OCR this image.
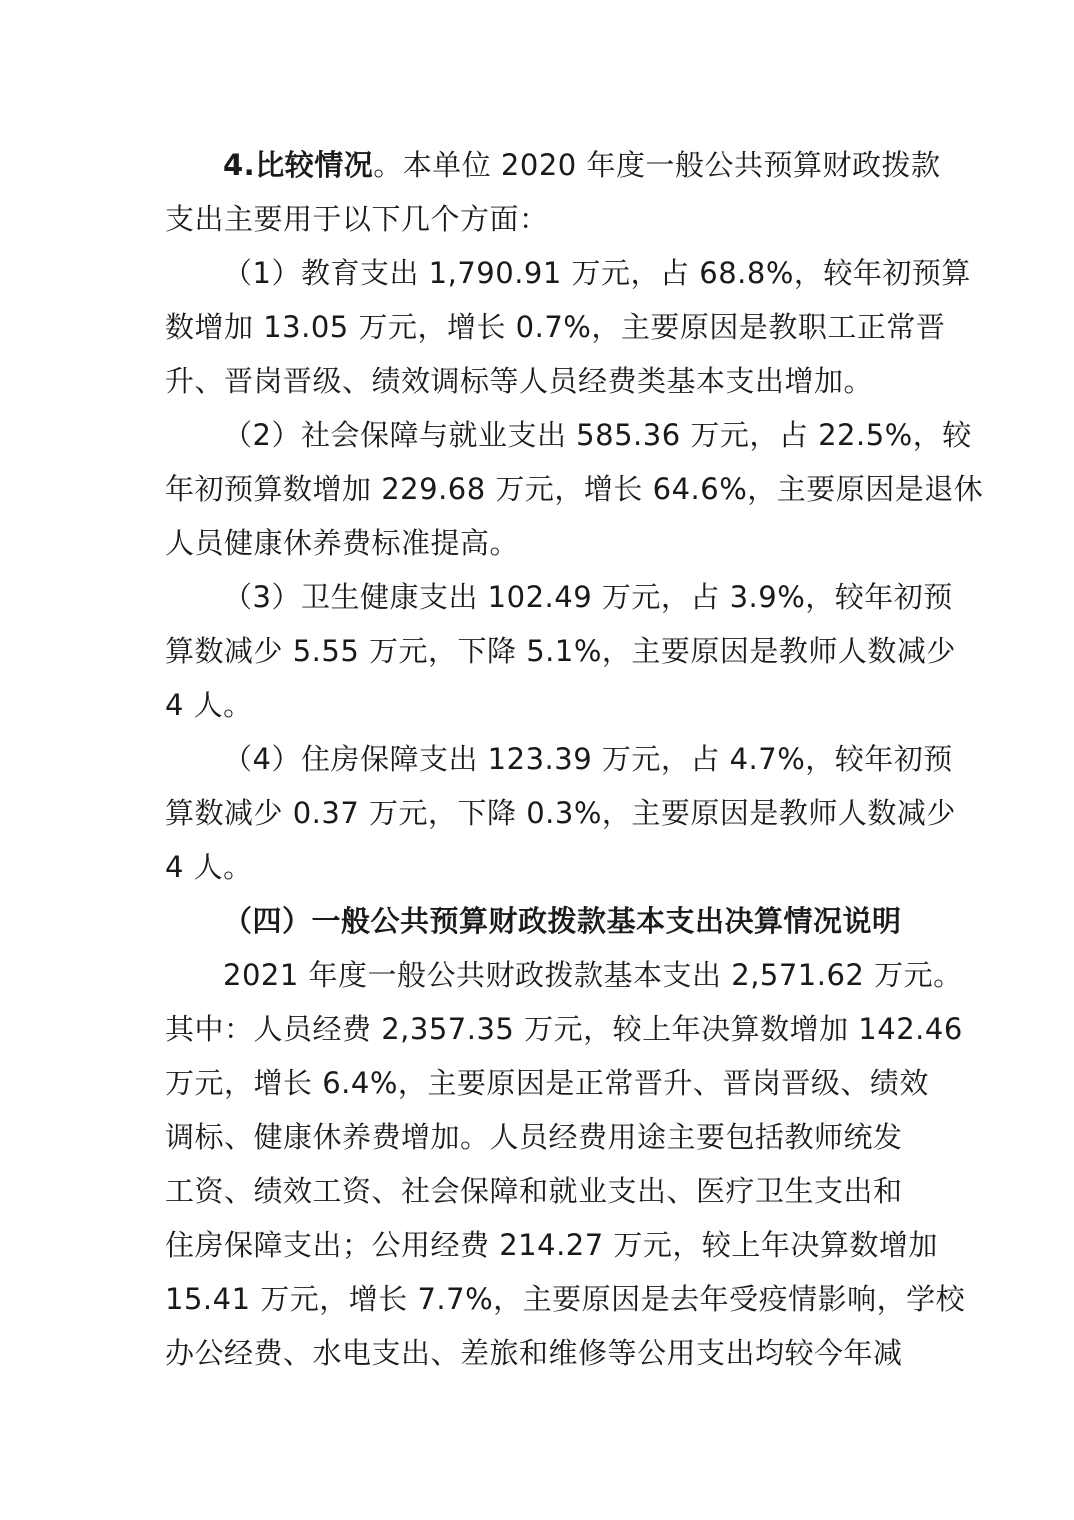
4.比较情况。本单位 2020 年度一般公共预算财政拨款
支出主要用于以下几个方面：
（1）教育支出 1,790.91 万元，占 68.8%，较年初预算
数增加 13.05 万元，增长 0.7%，主要原因是教职工正常晋
升、晋岗晋级、绩效调标等人员经费类基本支出增加。
（2）社会保障与就业支出 585.36 万元，占 22.5%，较
年初预算数增加 229.68 万元，增长 64.6%，主要原因是退休
人员健康休养费标准提高。
（3）卫生健康支出 102.49 万元，占 3.9%，较年初预
算数减少 5.55 万元，下降 5.1%，主要原因是教师人数减少
4 人。
（4）住房保障支出 123.39 万元，占 4.7%，较年初预
算数减少 0.37 万元，下降 0.3%，主要原因是教师人数减少
4 人。
（四）一般公共预算财政拨款基本支出决算情况说明
2021 年度一般公共财政拨款基本支出 2,571.62 万元。
其中：人员经费 2,357.35 万元，较上年决算数增加 142.46
万元，增长 6.4%，主要原因是正常晋升、晋岗晋级、绩效
调标、健康休养费增加。人员经费用途主要包括教师统发
工资、绩效工资、社会保障和就业支出、医疗卫生支出和
住房保障支出；公用经费 214.27 万元，较上年决算数增加
15.41 万元，增长 7.7%，主要原因是去年受疫情影响，学校
办公经费、水电支出、差旅和维修等公用支出均较今年减
